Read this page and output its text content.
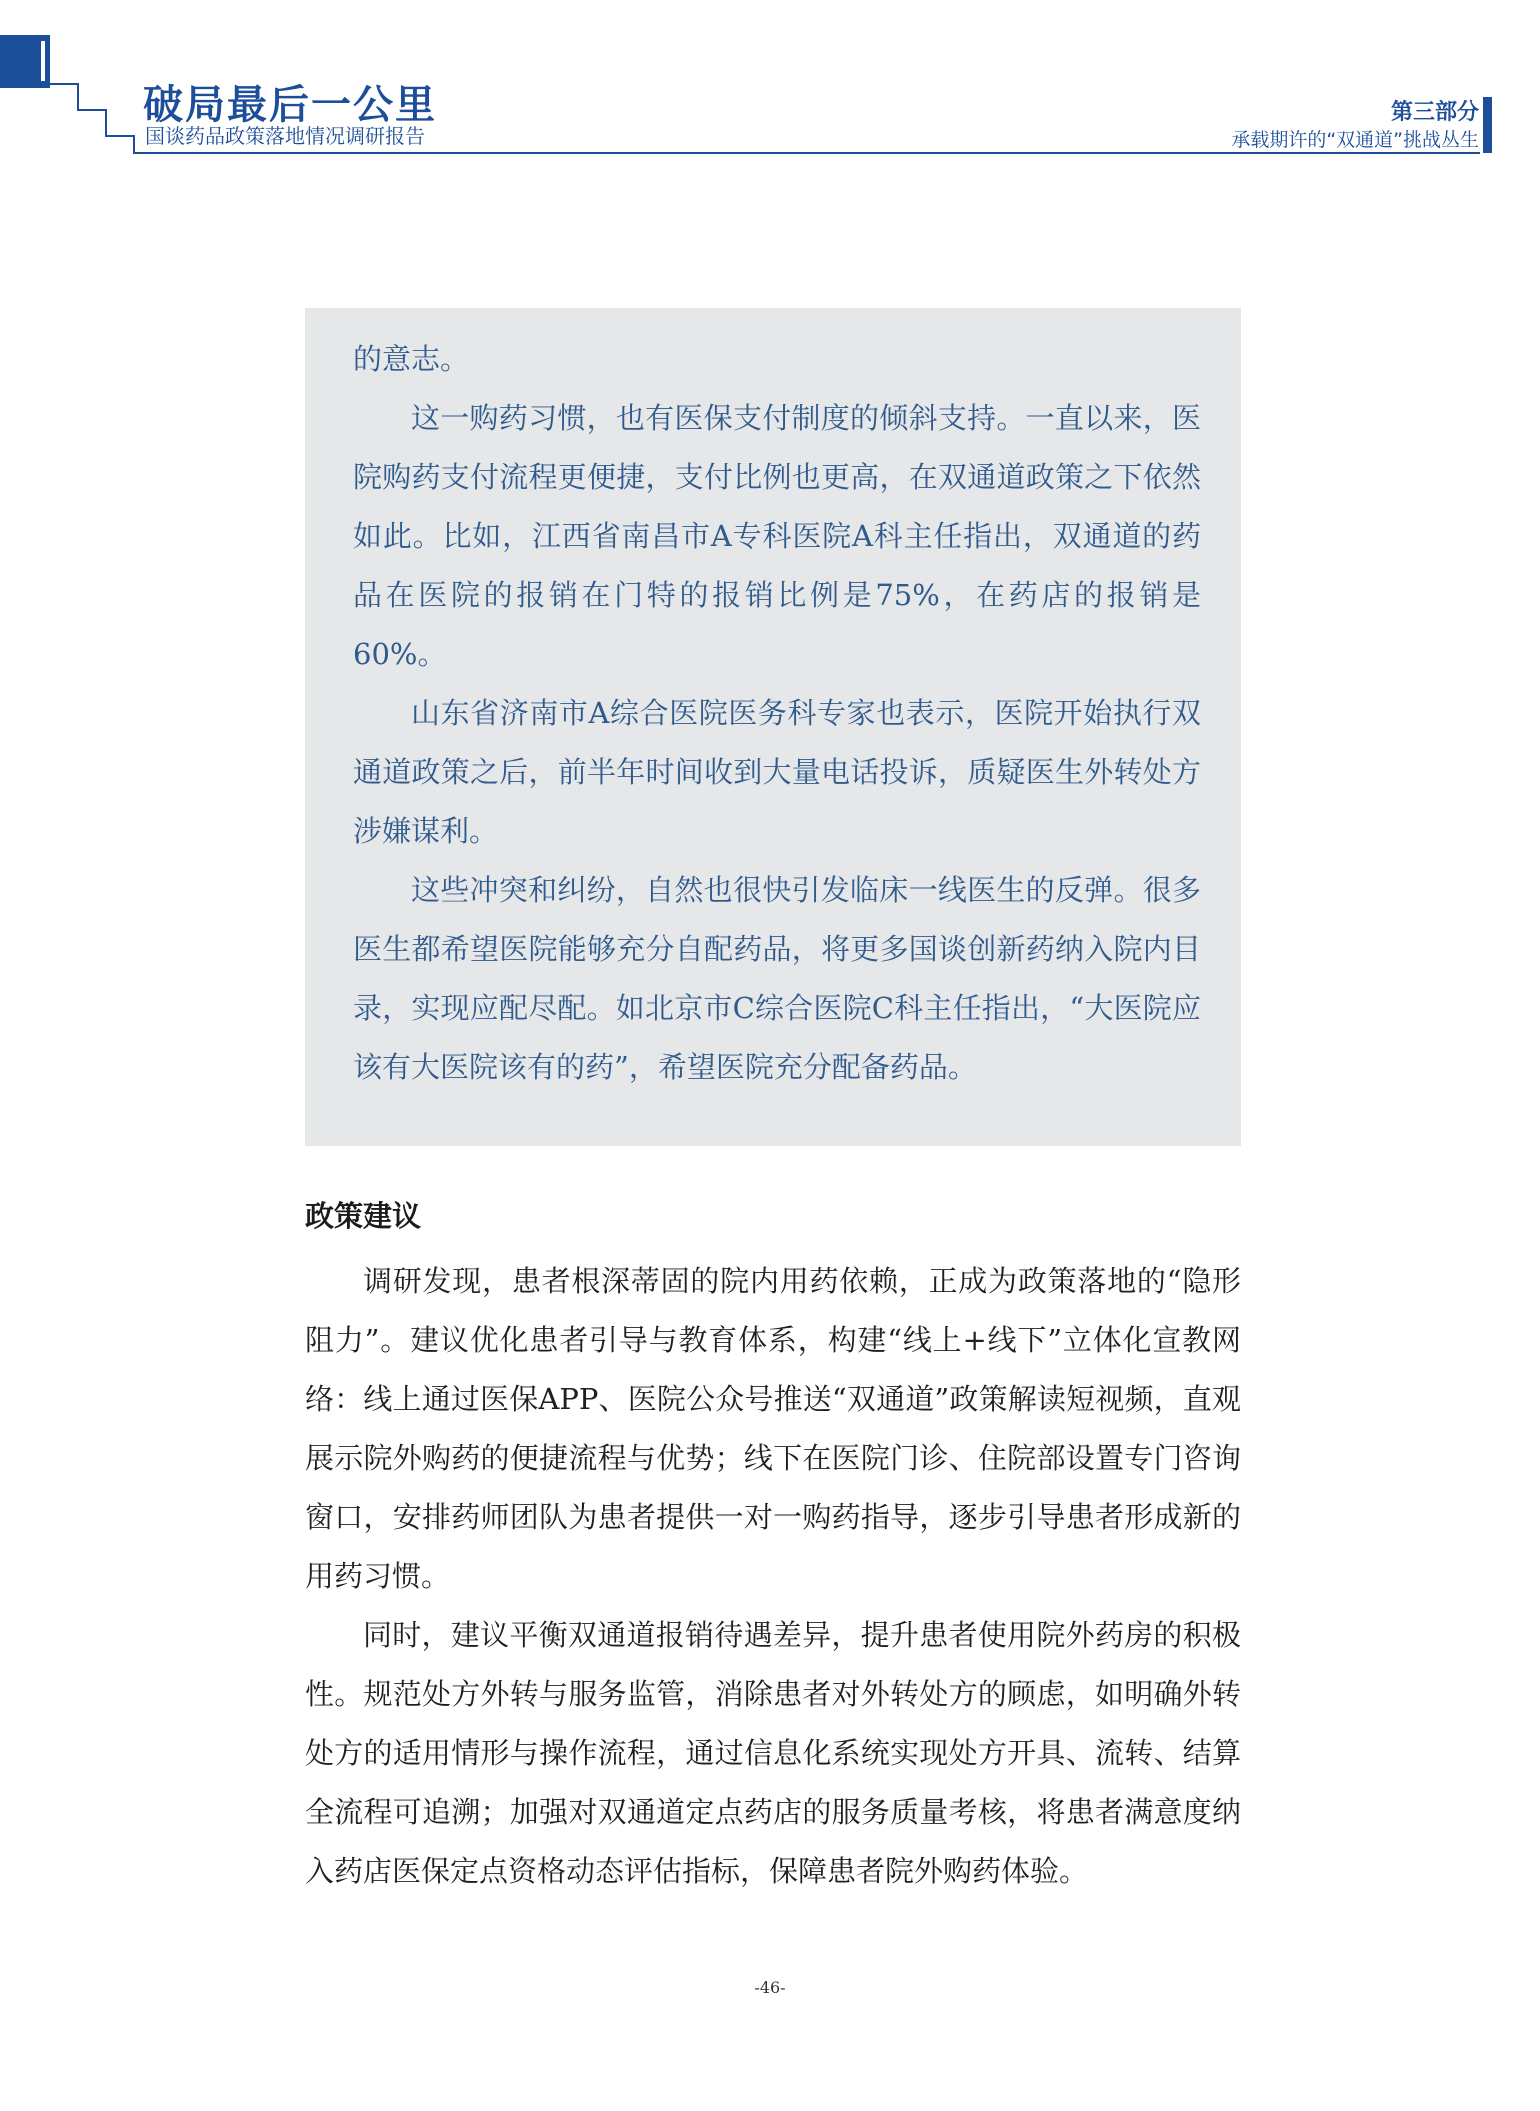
破局最后一公里
国谈药品政策落地情况调研报告
第三部分
承载期许的“双通道”挑战丛生

的意志。

这一购药习惯，也有医保支付制度的倾斜支持。一直以来，医院购药支付流程更便捷，支付比例也更高，在双通道政策之下依然如此。比如，江西省南昌市A专科医院A科主任指出，双通道的药品在医院的报销在门特的报销比例是75%，在药店的报销是60%。

山东省济南市A综合医院医务科专家也表示，医院开始执行双通道政策之后，前半年时间收到大量电话投诉，质疑医生外转处方涉嫌谋利。

这些冲突和纠纷，自然也很快引发临床一线医生的反弹。很多医生都希望医院能够充分自配药品，将更多国谈创新药纳入院内目录，实现应配尽配。如北京市C综合医院C科主任指出，“大医院应该有大医院该有的药”，希望医院充分配备药品。

政策建议

调研发现，患者根深蒂固的院内用药依赖，正成为政策落地的“隐形阻力”。建议优化患者引导与教育体系，构建“线上+线下”立体化宣教网络：线上通过医保APP、医院公众号推送“双通道”政策解读短视频，直观展示院外购药的便捷流程与优势；线下在医院门诊、住院部设置专门咨询窗口，安排药师团队为患者提供一对一购药指导，逐步引导患者形成新的用药习惯。

同时，建议平衡双通道报销待遇差异，提升患者使用院外药房的积极性。规范处方外转与服务监管，消除患者对外转处方的顾虑，如明确外转处方的适用情形与操作流程，通过信息化系统实现处方开具、流转、结算全流程可追溯；加强对双通道定点药店的服务质量考核，将患者满意度纳入药店医保定点资格动态评估指标，保障患者院外购药体验。

-46-
